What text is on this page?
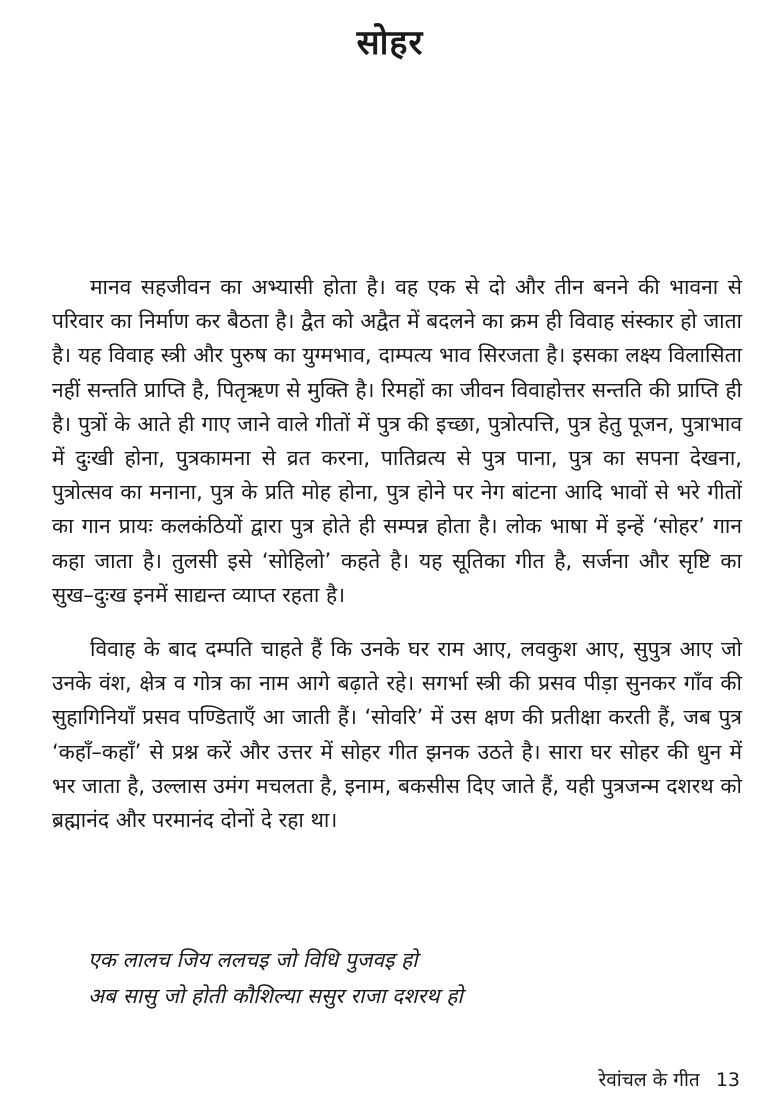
सोहर

मानव सहजीवन का अभ्यासी होता है। वह एक से दो और तीन बनने की भावना से परिवार का निर्माण कर बैठता है। द्वैत को अद्वैत में बदलने का क्रम ही विवाह संस्कार हो जाता है। यह विवाह स्त्री और पुरुष का युग्मभाव, दाम्पत्य भाव सिरजता है। इसका लक्ष्य विलासिता नहीं सन्तति प्राप्ति है, पितृऋण से मुक्ति है। रिमहों का जीवन विवाहोत्तर सन्तति की प्राप्ति ही है। पुत्रों के आते ही गाए जाने वाले गीतों में पुत्र की इच्छा, पुत्रोत्पत्ति, पुत्र हेतु पूजन, पुत्राभाव में दुःखी होना, पुत्रकामना से व्रत करना, पातिव्रत्य से पुत्र पाना, पुत्र का सपना देखना, पुत्रोत्सव का मनाना, पुत्र के प्रति मोह होना, पुत्र होने पर नेग बांटना आदि भावों से भरे गीतों का गान प्रायः कलकंठियों द्वारा पुत्र होते ही सम्पन्न होता है। लोक भाषा में इन्हें ‘सोहर’ गान कहा जाता है। तुलसी इसे ‘सोहिलो’ कहते है। यह सूतिका गीत है, सर्जना और सृष्टि का सुख–दुःख इनमें साद्यन्त व्याप्त रहता है।

विवाह के बाद दम्पति चाहते हैं कि उनके घर राम आए, लवकुश आए, सुपुत्र आए जो उनके वंश, क्षेत्र व गोत्र का नाम आगे बढ़ाते रहे। सगर्भा स्त्री की प्रसव पीड़ा सुनकर गाँव की सुहागिनियाँ प्रसव पण्डिताएँ आ जाती हैं। ‘सोवरि’ में उस क्षण की प्रतीक्षा करती हैं, जब पुत्र ‘कहाँ–कहाँ’ से प्रश्न करें और उत्तर में सोहर गीत झनक उठते है। सारा घर सोहर की धुन में भर जाता है, उल्लास उमंग मचलता है, इनाम, बकसीस दिए जाते हैं, यही पुत्रजन्म दशरथ को ब्रह्मानंद और परमानंद दोनों दे रहा था।

एक लालच जिय ललचइ जो विधि पुजवइ हो
अब सासु जो होती कौशिल्या ससुर राजा दशरथ हो
रेवांचल के गीत 13
